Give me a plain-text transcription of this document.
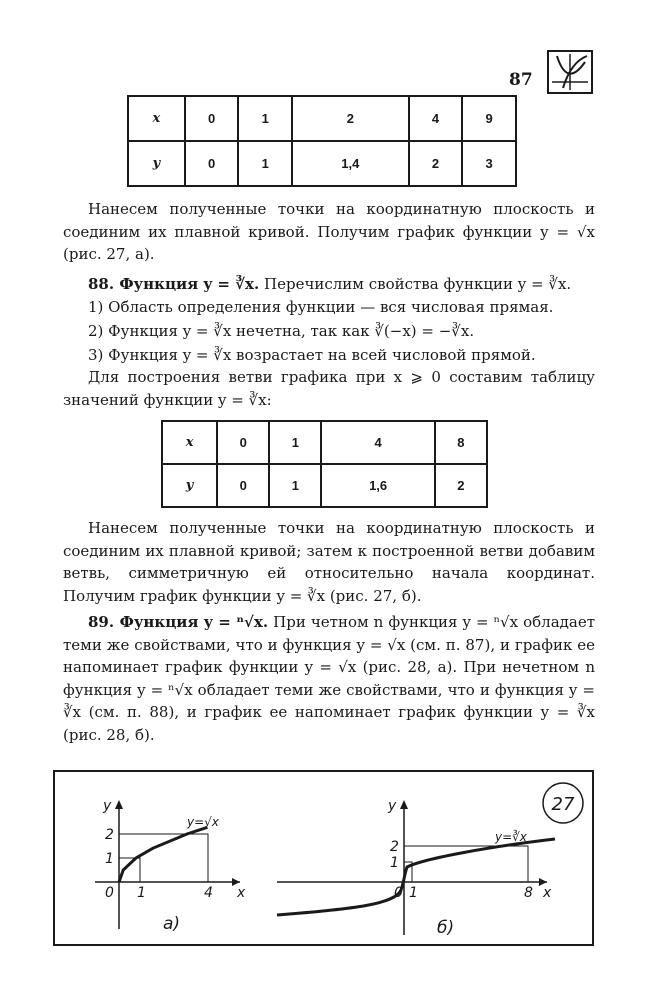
87
x	0	1	2	4	9
y	0	1	1,4	2	3

Нанесем полученные точки на координатную плоскость и соединим их плавной кривой. Получим график функции y = √x (рис. 27, а).

88. Функция y = ∛x. Перечислим свойства функции y = ∛x.

1) Область определения функции — вся числовая прямая.

2) Функция y = ∛x нечетна, так как ∛(−x) = −∛x.

3) Функция y = ∛x возрастает на всей числовой прямой.

Для построения ветви графика при x ⩾ 0 составим таблицу значений функции y = ∛x:

x	0	1	4	8
y	0	1	1,6	2

Нанесем полученные точки на координатную плоскость и соединим их плавной кривой; затем к построенной ветви добавим ветвь, симметричную ей относительно начала координат. Получим график функции y = ∛x (рис. 27, б).

89. Функция y = ⁿ√x. При четном n функция y = ⁿ√x обладает теми же свойствами, что и функция y = √x (см. п. 87), и график ее напоминает график функции y = √x (рис. 28, а). При нечетном n функция y = ⁿ√x обладает теми же свойствами, что и функция y = ∛x (см. п. 88), и график ее напоминает график функции y = ∛x (рис. 28, б).

27
y
x
0 1	4
1
2
y=√x
а)
y
x
0 1	8
1
2
y=∛x
б)
